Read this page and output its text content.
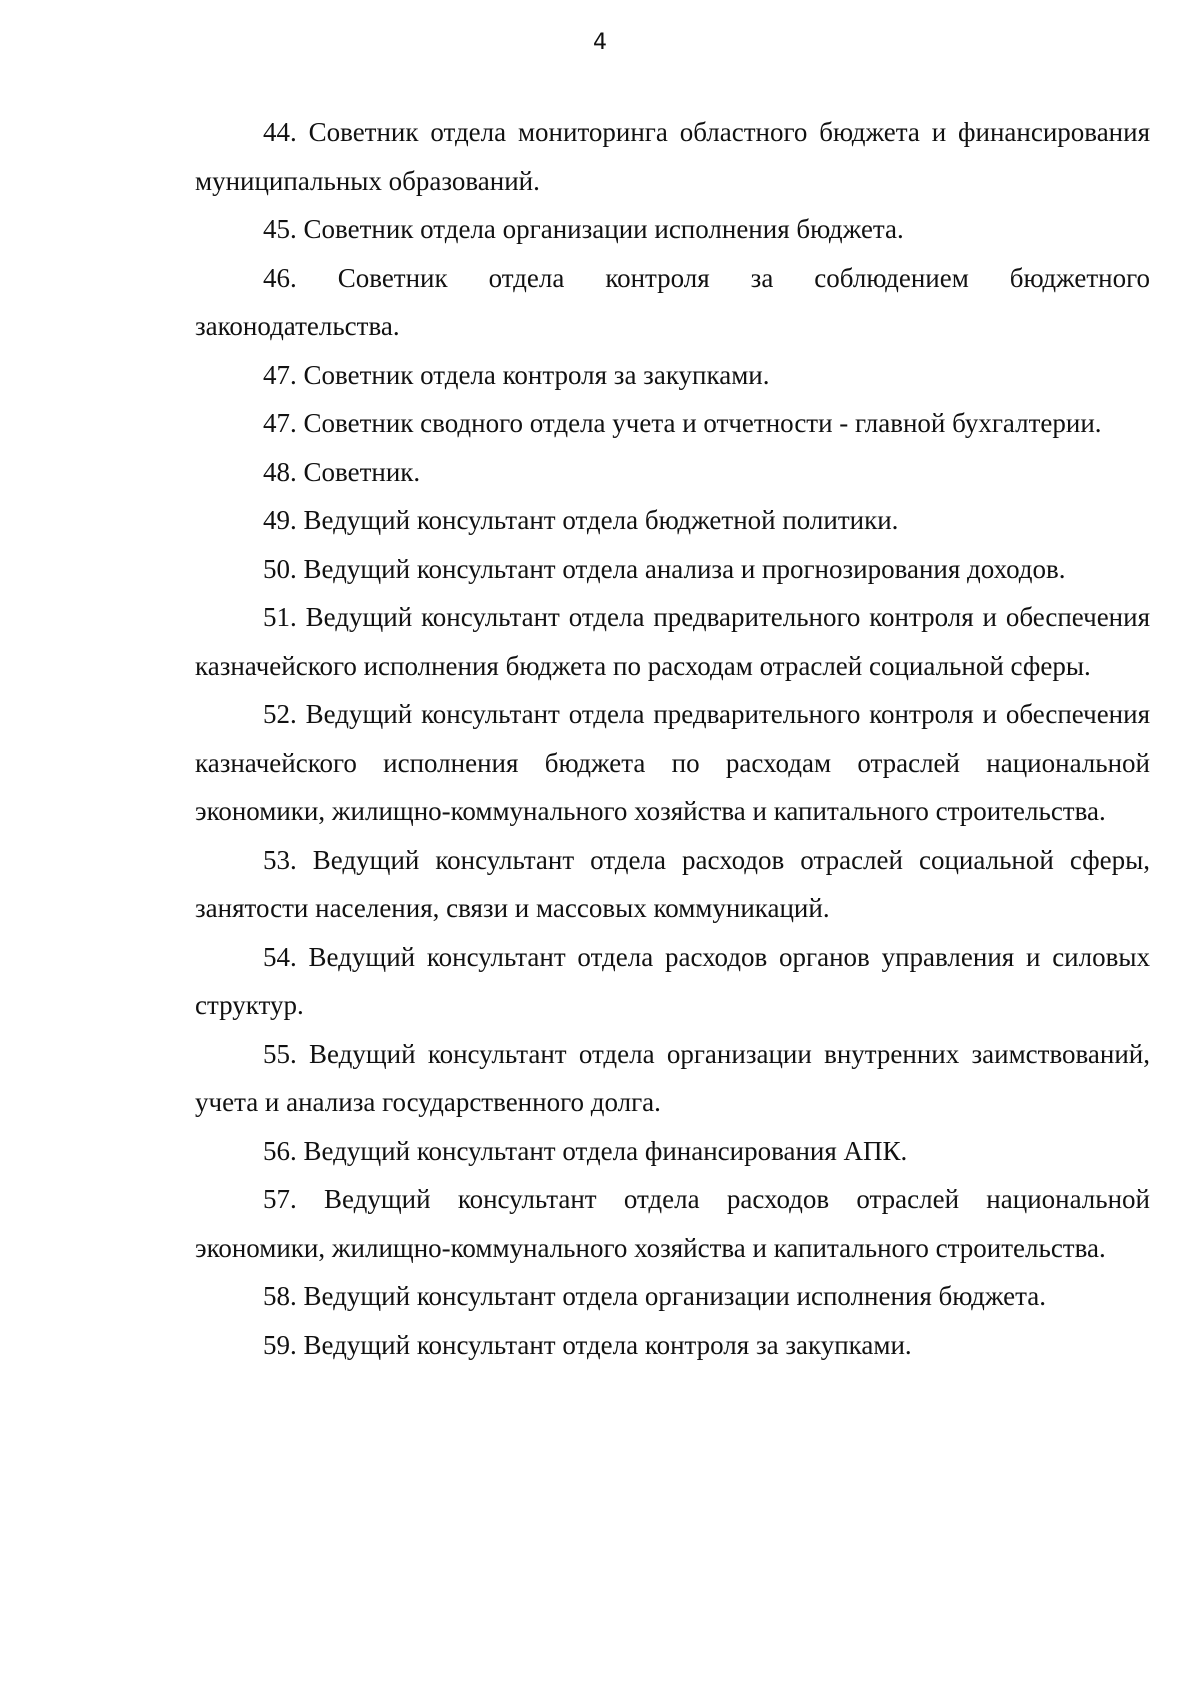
4

44. Советник отдела мониторинга областного бюджета и финансирования муниципальных образований.

45. Советник отдела организации исполнения бюджета.

46. Советник отдела контроля за соблюдением бюджетного законодательства.

47. Советник отдела контроля за закупками.

47. Советник сводного отдела учета и отчетности - главной бухгалтерии.

48. Советник.

49. Ведущий консультант отдела бюджетной политики.

50. Ведущий консультант отдела анализа и прогнозирования доходов.

51. Ведущий консультант отдела предварительного контроля и обеспечения казначейского исполнения бюджета по расходам отраслей социальной сферы.

52. Ведущий консультант отдела предварительного контроля и обеспечения казначейского исполнения бюджета по расходам отраслей национальной экономики, жилищно-коммунального хозяйства и капитального строительства.

53. Ведущий консультант отдела расходов отраслей социальной сферы, занятости населения, связи и массовых коммуникаций.

54. Ведущий консультант отдела расходов органов управления и силовых структур.

55. Ведущий консультант отдела организации внутренних заимствований, учета и анализа государственного долга.

56. Ведущий консультант отдела финансирования АПК.

57. Ведущий консультант отдела расходов отраслей национальной экономики, жилищно-коммунального хозяйства и капитального строительства.

58. Ведущий консультант отдела организации исполнения бюджета.

59. Ведущий консультант отдела контроля за закупками.
